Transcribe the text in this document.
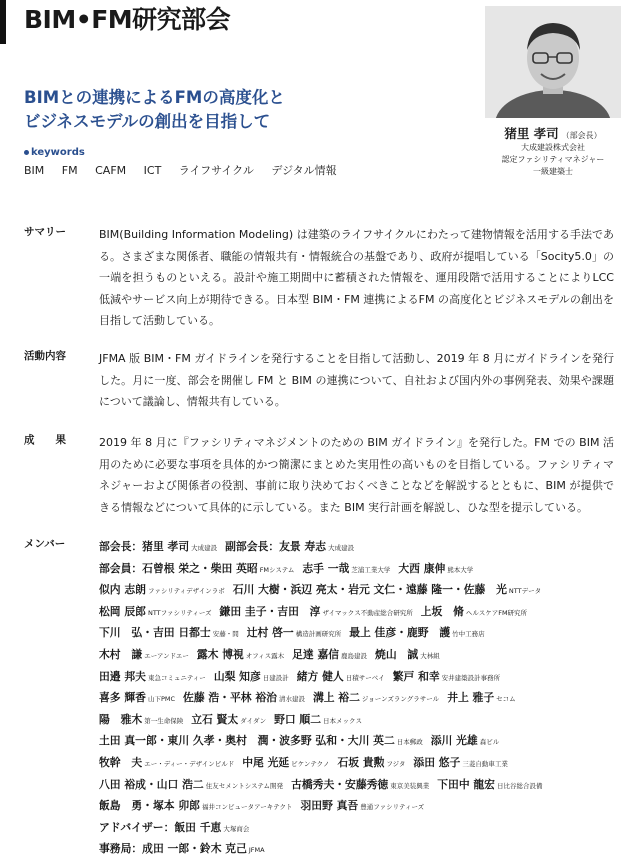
BIM•FM研究部会
BIMとの連携によるFMの高度化と
ビジネスモデルの創出を目指して
keywords
BIM FM CAFM ICT ライフサイクル デジタル情報
猪里 孝司 （部会長）
大成建設株式会社
認定ファシリティマネジャー
一級建築士
サマリー	BIM(Building Information Modeling) は建築のライフサイクルにわたって建物情報を活用する手法である。さまざまな関係者、職能の情報共有・情報統合の基盤であり、政府が提唱している「Socity5.0」の一端を担うものといえる。設計や施工期間中に蓄積された情報を、運用段階で活用することによりLCC 低減やサービス向上が期待できる。日本型 BIM・FM 連携によるFM の高度化とビジネスモデルの創出を目指して活動している。
活動内容	JFMA 版 BIM・FM ガイドラインを発行することを目指して活動し、2019 年 8 月にガイドラインを発行した。月に一度、部会を開催し FM と BIM の連携について、自社および国内外の事例発表、効果や課題について議論し、情報共有している。
成　　果	2019 年 8 月に『ファシリティマネジメントのための BIM ガイドライン』を発行した。FM での BIM 活用のために必要な事項を具体的かつ簡潔にまとめた実用性の高いものを目指している。ファシリティマネジャーおよび関係者の役割、事前に取り決めておくべきことなどを解説するとともに、BIM が提供できる情報などについて具体的に示している。また BIM 実行計画を解説し、ひな型を提示している。
メンバー	部会長：猪里 孝司 大成建設 副部会長：友景 寿志 大成建設
部会員：石曾根 栄之・柴田 英昭 FMシステム 志手 一哉 芝浦工業大学 大西 康伸 熊本大学
似内 志朗 ファシリティデザインラボ 石川 大樹・浜辺 亮太・岩元 文仁・遠藤 隆一・佐藤　光 NTTデータ
松岡 辰郎 NTTファシリティーズ 鎌田 圭子・吉田　淳 ザイマックス不動産総合研究所 上坂　脩 ヘルスケアFM研究所
下川　弘・吉田 日都士 安藤・間 辻村 啓一 構造計画研究所 最上 佳彦・鹿野　護 竹中工務店
木村　謙 エーアンドエー 露木 博視 オフィス露木 足達 嘉信 鹿島建設 焼山　誠 大林組
田邉 邦夫 東急コミュニティー 山梨 知彦 日建設計 緒方 健人 日積サーベイ 繁戸 和幸 安井建築設計事務所
喜多 輝香 山下PMC 佐藤 浩・平林 裕治 清水建設 溝上 裕二 ジョーンズラングラサール 井上 雅子 セコム
陽　雅木 第一生命保険 立石 賢太 ダイダン 野口 順二 日本メックス
土田 真一郎・東川 久孝・奥村　潤・波多野 弘和・大川 英二 日本郵政 添川 光雄 森ビル
牧幹　夫 エー・ディー・デザインビルド 中尾 光延 ビケンテクノ 石坂 貴勲 フジタ 添田 悠子 三菱自動車工業
八田 裕成・山口 浩二 住友セメントシステム開発 古橋秀夫・安藤秀徳 東京美装興業 下田中 龍宏 日比谷総合設備
飯島　勇・塚本 卯郎 福井コンピュータアーキテクト 羽田野 真吾 豊通ファシリティーズ
アドバイザー：飯田 千恵 大塚商会
事務局：成田 一郎・鈴木 克己 JFMA
